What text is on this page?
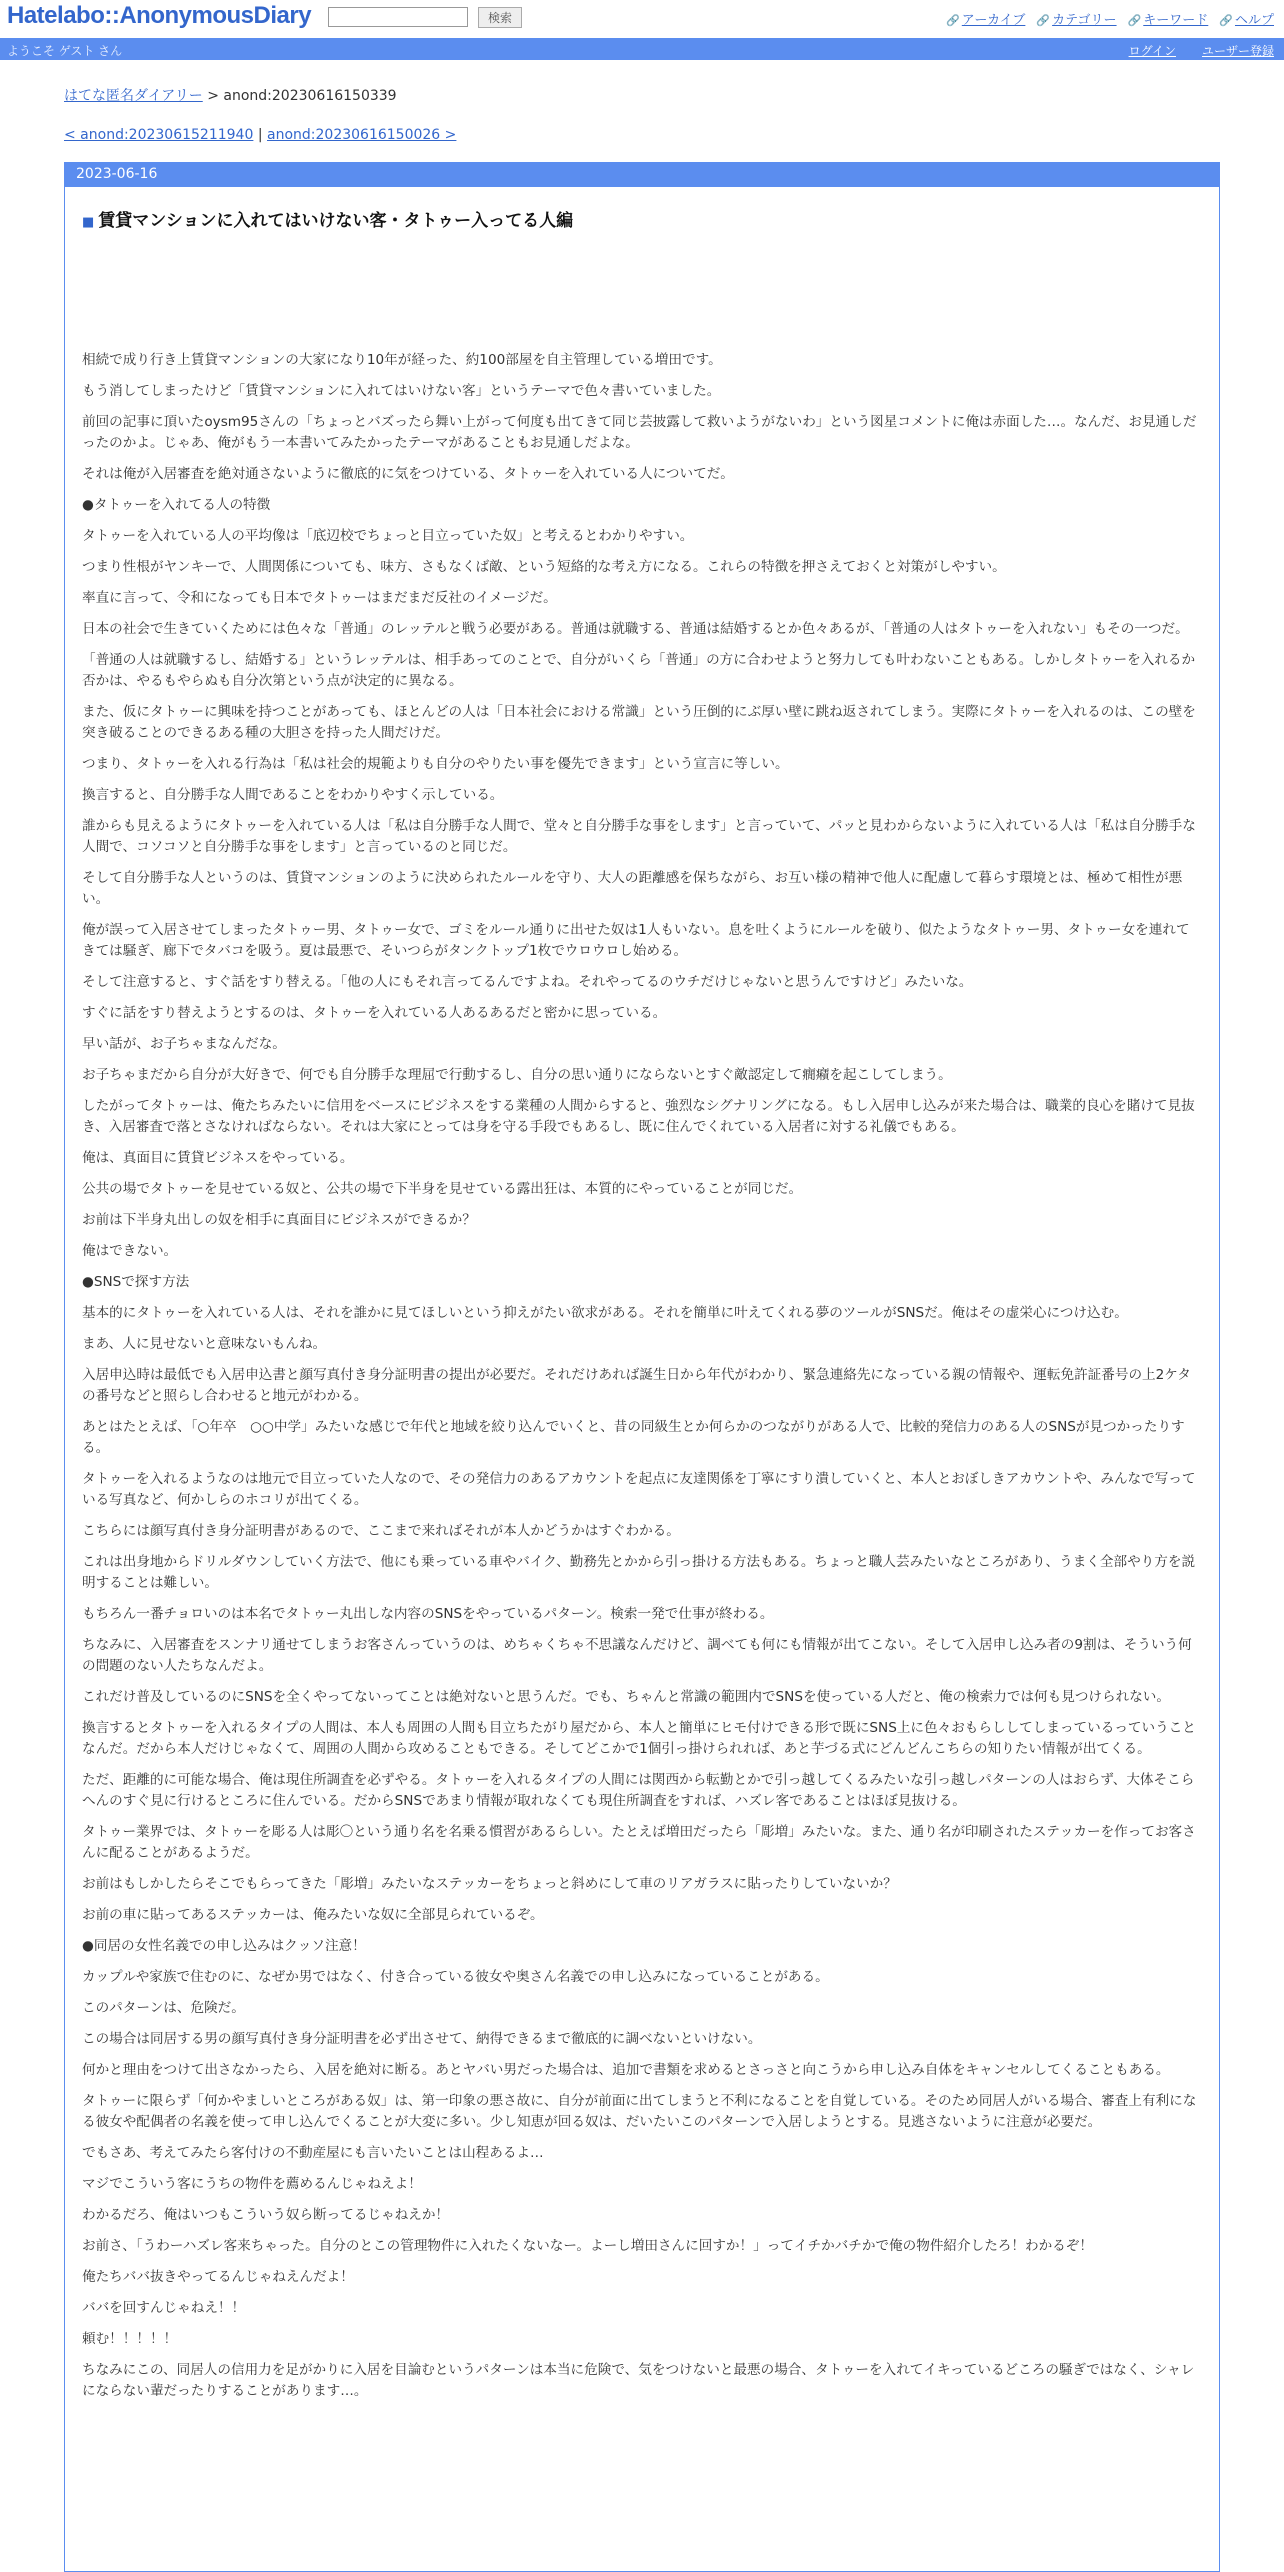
Hatelabo::AnonymousDiary	検索	🔗 アーカイブ 🔗 カテゴリー 🔗 キーワード 🔗 ヘルプ
ようこそ ゲスト さん	ログイン ユーザー登録
はてな匿名ダイアリー > anond:20230616150339
< anond:20230615211940 | anond:20230616150026 >
2023-06-16
■ 賃貸マンションに入れてはいけない客・タトゥー入ってる人編

相続で成り行き上賃貸マンションの大家になり10年が経った、約100部屋を自主管理している増田です。

もう消してしまったけど「賃貸マンションに入れてはいけない客」というテーマで色々書いていました。

前回の記事に頂いたoysm95さんの「ちょっとバズったら舞い上がって何度も出てきて同じ芸披露して救いようがないわ」という図星コメントに俺は赤面した…。なんだ、お見通しだったのかよ。じゃあ、俺がもう一本書いてみたかったテーマがあることもお見通しだよな。

それは俺が入居審査を絶対通さないように徹底的に気をつけている、タトゥーを入れている人についてだ。

●タトゥーを入れてる人の特徴

タトゥーを入れている人の平均像は「底辺校でちょっと目立っていた奴」と考えるとわかりやすい。

つまり性根がヤンキーで、人間関係についても、味方、さもなくば敵、という短絡的な考え方になる。これらの特徴を押さえておくと対策がしやすい。

率直に言って、令和になっても日本でタトゥーはまだまだ反社のイメージだ。

日本の社会で生きていくためには色々な「普通」のレッテルと戦う必要がある。普通は就職する、普通は結婚するとか色々あるが、「普通の人はタトゥーを入れない」もその一つだ。

「普通の人は就職するし、結婚する」というレッテルは、相手あってのことで、自分がいくら「普通」の方に合わせようと努力しても叶わないこともある。しかしタトゥーを入れるか否かは、やるもやらぬも自分次第という点が決定的に異なる。

また、仮にタトゥーに興味を持つことがあっても、ほとんどの人は「日本社会における常識」という圧倒的にぶ厚い壁に跳ね返されてしまう。実際にタトゥーを入れるのは、この壁を突き破ることのできるある種の大胆さを持った人間だけだ。

つまり、タトゥーを入れる行為は「私は社会的規範よりも自分のやりたい事を優先できます」という宣言に等しい。

換言すると、自分勝手な人間であることをわかりやすく示している。

誰からも見えるようにタトゥーを入れている人は「私は自分勝手な人間で、堂々と自分勝手な事をします」と言っていて、パッと見わからないように入れている人は「私は自分勝手な人間で、コソコソと自分勝手な事をします」と言っているのと同じだ。

そして自分勝手な人というのは、賃貸マンションのように決められたルールを守り、大人の距離感を保ちながら、お互い様の精神で他人に配慮して暮らす環境とは、極めて相性が悪い。

俺が誤って入居させてしまったタトゥー男、タトゥー女で、ゴミをルール通りに出せた奴は1人もいない。息を吐くようにルールを破り、似たようなタトゥー男、タトゥー女を連れてきては騒ぎ、廊下でタバコを吸う。夏は最悪で、そいつらがタンクトップ1枚でウロウロし始める。

そして注意すると、すぐ話をすり替える。「他の人にもそれ言ってるんですよね。それやってるのウチだけじゃないと思うんですけど」みたいな。

すぐに話をすり替えようとするのは、タトゥーを入れている人あるあるだと密かに思っている。

早い話が、お子ちゃまなんだな。

お子ちゃまだから自分が大好きで、何でも自分勝手な理屈で行動するし、自分の思い通りにならないとすぐ敵認定して癇癪を起こしてしまう。

したがってタトゥーは、俺たちみたいに信用をベースにビジネスをする業種の人間からすると、強烈なシグナリングになる。もし入居申し込みが来た場合は、職業的良心を賭けて見抜き、入居審査で落とさなければならない。それは大家にとっては身を守る手段でもあるし、既に住んでくれている入居者に対する礼儀でもある。

俺は、真面目に賃貸ビジネスをやっている。

公共の場でタトゥーを見せている奴と、公共の場で下半身を見せている露出狂は、本質的にやっていることが同じだ。

お前は下半身丸出しの奴を相手に真面目にビジネスができるか？

俺はできない。

●SNSで探す方法

基本的にタトゥーを入れている人は、それを誰かに見てほしいという抑えがたい欲求がある。それを簡単に叶えてくれる夢のツールがSNSだ。俺はその虚栄心につけ込む。

まあ、人に見せないと意味ないもんね。

入居申込時は最低でも入居申込書と顔写真付き身分証明書の提出が必要だ。それだけあれば誕生日から年代がわかり、緊急連絡先になっている親の情報や、運転免許証番号の上2ケタの番号などと照らし合わせると地元がわかる。

あとはたとえば、「○年卒　○○中学」みたいな感じで年代と地域を絞り込んでいくと、昔の同級生とか何らかのつながりがある人で、比較的発信力のある人のSNSが見つかったりする。

タトゥーを入れるようなのは地元で目立っていた人なので、その発信力のあるアカウントを起点に友達関係を丁寧にすり潰していくと、本人とおぼしきアカウントや、みんなで写っている写真など、何かしらのホコリが出てくる。

こちらには顔写真付き身分証明書があるので、ここまで来ればそれが本人かどうかはすぐわかる。

これは出身地からドリルダウンしていく方法で、他にも乗っている車やバイク、勤務先とかから引っ掛ける方法もある。ちょっと職人芸みたいなところがあり、うまく全部やり方を説明することは難しい。

もちろん一番チョロいのは本名でタトゥー丸出しな内容のSNSをやっているパターン。検索一発で仕事が終わる。

ちなみに、入居審査をスンナリ通せてしまうお客さんっていうのは、めちゃくちゃ不思議なんだけど、調べても何にも情報が出てこない。そして入居申し込み者の9割は、そういう何の問題のない人たちなんだよ。

これだけ普及しているのにSNSを全くやってないってことは絶対ないと思うんだ。でも、ちゃんと常識の範囲内でSNSを使っている人だと、俺の検索力では何も見つけられない。

換言するとタトゥーを入れるタイプの人間は、本人も周囲の人間も目立ちたがり屋だから、本人と簡単にヒモ付けできる形で既にSNS上に色々おもらししてしまっているっていうことなんだ。だから本人だけじゃなくて、周囲の人間から攻めることもできる。そしてどこかで1個引っ掛けられれば、あと芋づる式にどんどんこちらの知りたい情報が出てくる。

ただ、距離的に可能な場合、俺は現住所調査を必ずやる。タトゥーを入れるタイプの人間には関西から転勤とかで引っ越してくるみたいな引っ越しパターンの人はおらず、大体そこらへんのすぐ見に行けるところに住んでいる。だからSNSであまり情報が取れなくても現住所調査をすれば、ハズレ客であることはほぼ見抜ける。

タトゥー業界では、タトゥーを彫る人は彫〇という通り名を名乗る慣習があるらしい。たとえば増田だったら「彫増」みたいな。また、通り名が印刷されたステッカーを作ってお客さんに配ることがあるようだ。

お前はもしかしたらそこでもらってきた「彫増」みたいなステッカーをちょっと斜めにして車のリアガラスに貼ったりしていないか？

お前の車に貼ってあるステッカーは、俺みたいな奴に全部見られているぞ。

●同居の女性名義での申し込みはクッソ注意！

カップルや家族で住むのに、なぜか男ではなく、付き合っている彼女や奥さん名義での申し込みになっていることがある。

このパターンは、危険だ。

この場合は同居する男の顔写真付き身分証明書を必ず出させて、納得できるまで徹底的に調べないといけない。

何かと理由をつけて出さなかったら、入居を絶対に断る。あとヤバい男だった場合は、追加で書類を求めるとさっさと向こうから申し込み自体をキャンセルしてくることもある。

タトゥーに限らず「何かやましいところがある奴」は、第一印象の悪さ故に、自分が前面に出てしまうと不利になることを自覚している。そのため同居人がいる場合、審査上有利になる彼女や配偶者の名義を使って申し込んでくることが大変に多い。少し知恵が回る奴は、だいたいこのパターンで入居しようとする。見逃さないように注意が必要だ。

でもさあ、考えてみたら客付けの不動産屋にも言いたいことは山程あるよ…

マジでこういう客にうちの物件を薦めるんじゃねえよ！

わかるだろ、俺はいつもこういう奴ら断ってるじゃねえか！

お前さ、「うわーハズレ客来ちゃった。自分のとこの管理物件に入れたくないなー。よーし増田さんに回すか！」ってイチかバチかで俺の物件紹介したろ！わかるぞ！

俺たちババ抜きやってるんじゃねえんだよ！

ババを回すんじゃねえ！！

頼む！！！！！

ちなみにこの、同居人の信用力を足がかりに入居を目論むというパターンは本当に危険で、気をつけないと最悪の場合、タトゥーを入れてイキっているどころの騒ぎではなく、シャレにならない輩だったりすることがあります…。
